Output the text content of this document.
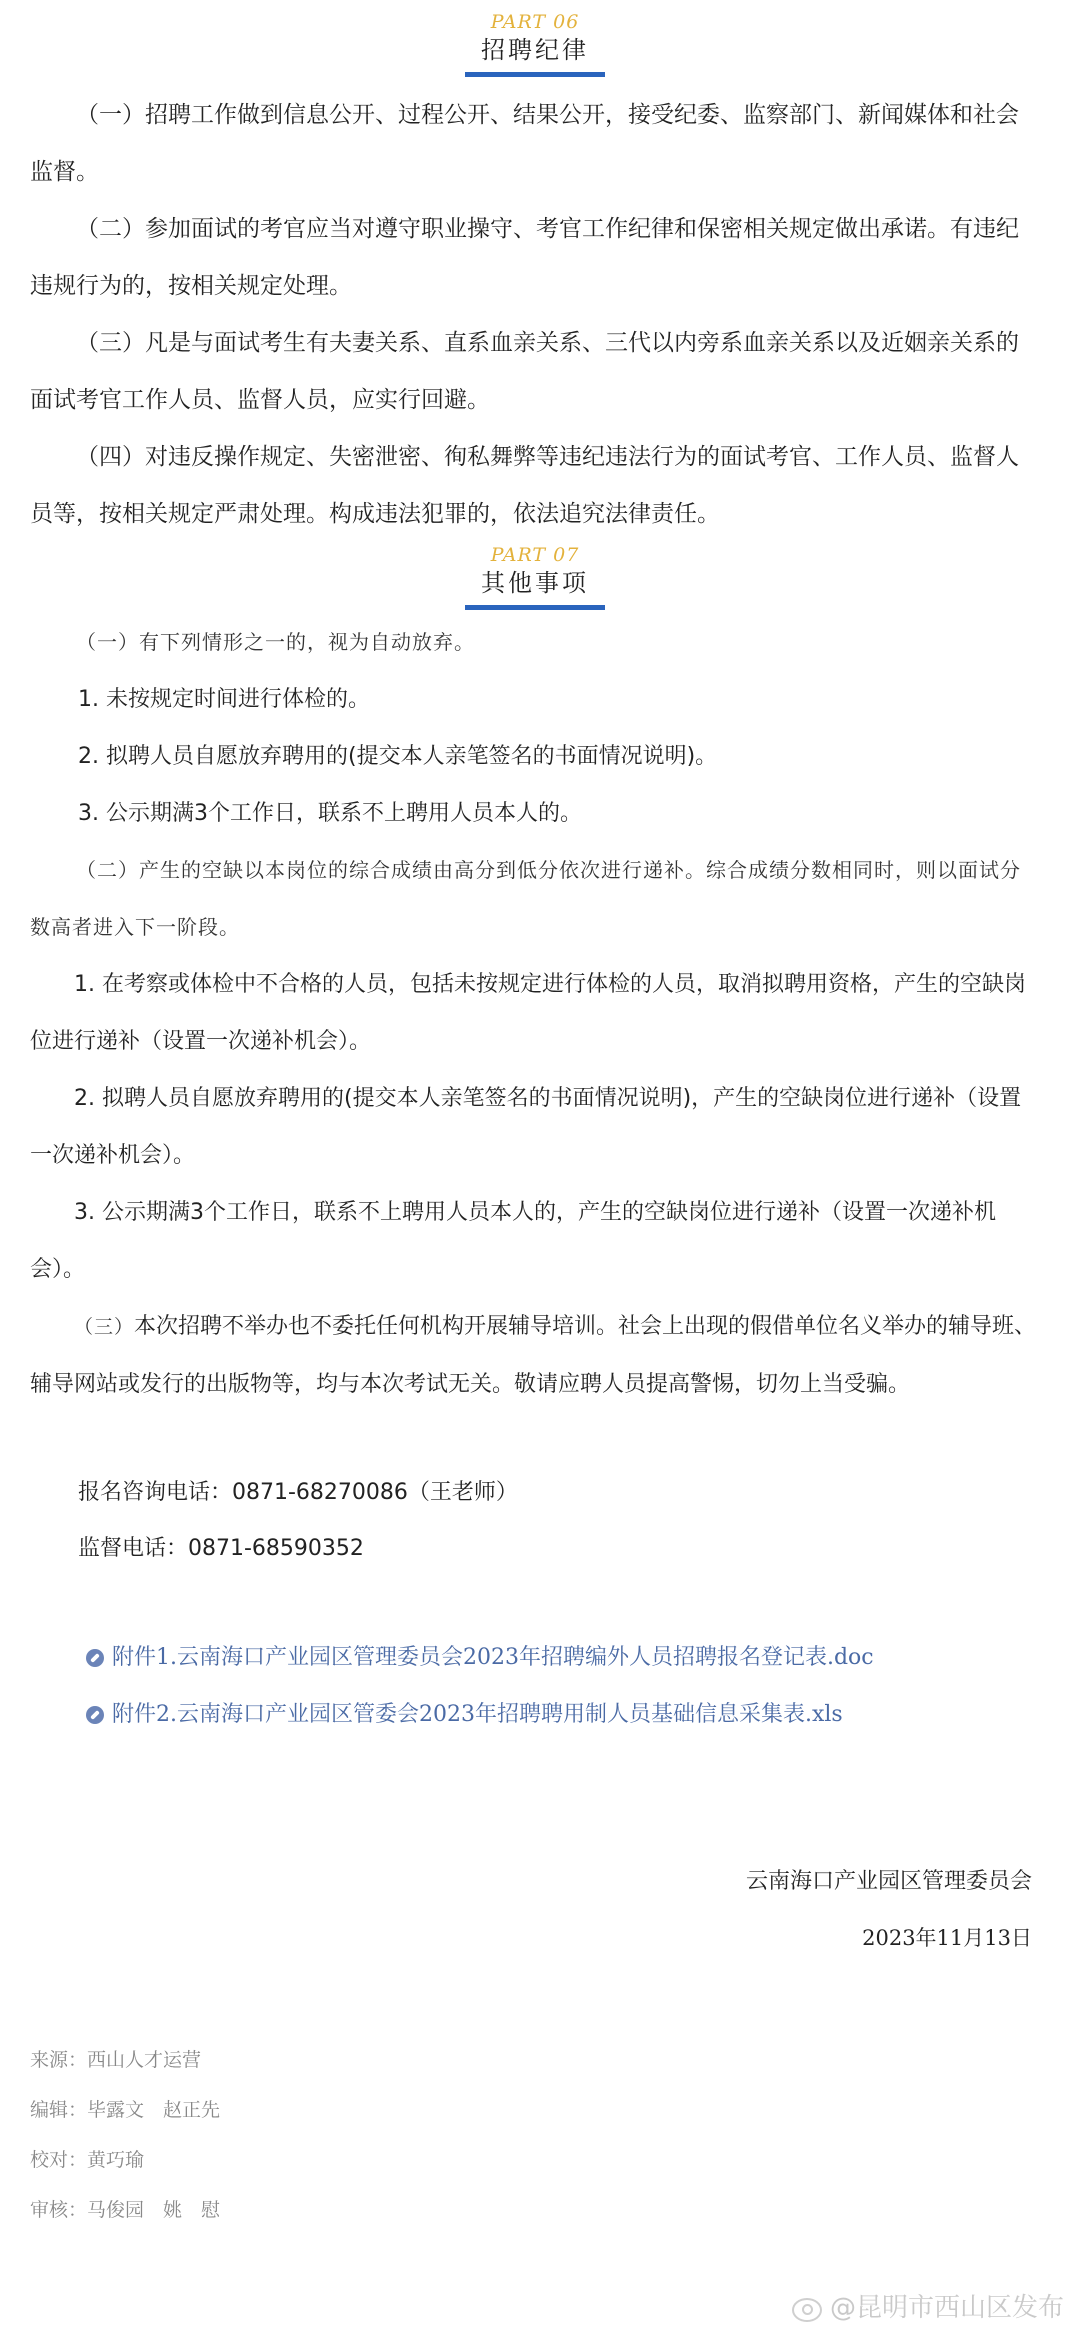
PART 06
招聘纪律

（一）招聘工作做到信息公开、过程公开、结果公开，接受纪委、监察部门、新闻媒体和社会监督。

（二）参加面试的考官应当对遵守职业操守、考官工作纪律和保密相关规定做出承诺。有违纪违规行为的，按相关规定处理。

（三）凡是与面试考生有夫妻关系、直系血亲关系、三代以内旁系血亲关系以及近姻亲关系的面试考官工作人员、监督人员，应实行回避。

（四）对违反操作规定、失密泄密、徇私舞弊等违纪违法行为的面试考官、工作人员、监督人员等，按相关规定严肃处理。构成违法犯罪的，依法追究法律责任。

PART 07
其他事项

（一）有下列情形之一的，视为自动放弃。

1. 未按规定时间进行体检的。

2. 拟聘人员自愿放弃聘用的(提交本人亲笔签名的书面情况说明)。

3. 公示期满3个工作日，联系不上聘用人员本人的。

（二）产生的空缺以本岗位的综合成绩由高分到低分依次进行递补。综合成绩分数相同时，则以面试分数高者进入下一阶段。

1. 在考察或体检中不合格的人员，包括未按规定进行体检的人员，取消拟聘用资格，产生的空缺岗位进行递补（设置一次递补机会）。

2. 拟聘人员自愿放弃聘用的(提交本人亲笔签名的书面情况说明)，产生的空缺岗位进行递补（设置一次递补机会）。

3. 公示期满3个工作日，联系不上聘用人员本人的，产生的空缺岗位进行递补（设置一次递补机会）。

（三）本次招聘不举办也不委托任何机构开展辅导培训。社会上出现的假借单位名义举办的辅导班、辅导网站或发行的出版物等，均与本次考试无关。敬请应聘人员提高警惕，切勿上当受骗。

报名咨询电话：0871-68270086（王老师）

监督电话：0871-68590352

附件1.云南海口产业园区管理委员会2023年招聘编外人员招聘报名登记表.doc

附件2.云南海口产业园区管委会2023年招聘聘用制人员基础信息采集表.xls

云南海口产业园区管理委员会

2023年11月13日

来源：西山人才运营

编辑：毕露文　赵正先

校对：黄巧瑜

审核：马俊园　姚　慰

@昆明市西山区发布
